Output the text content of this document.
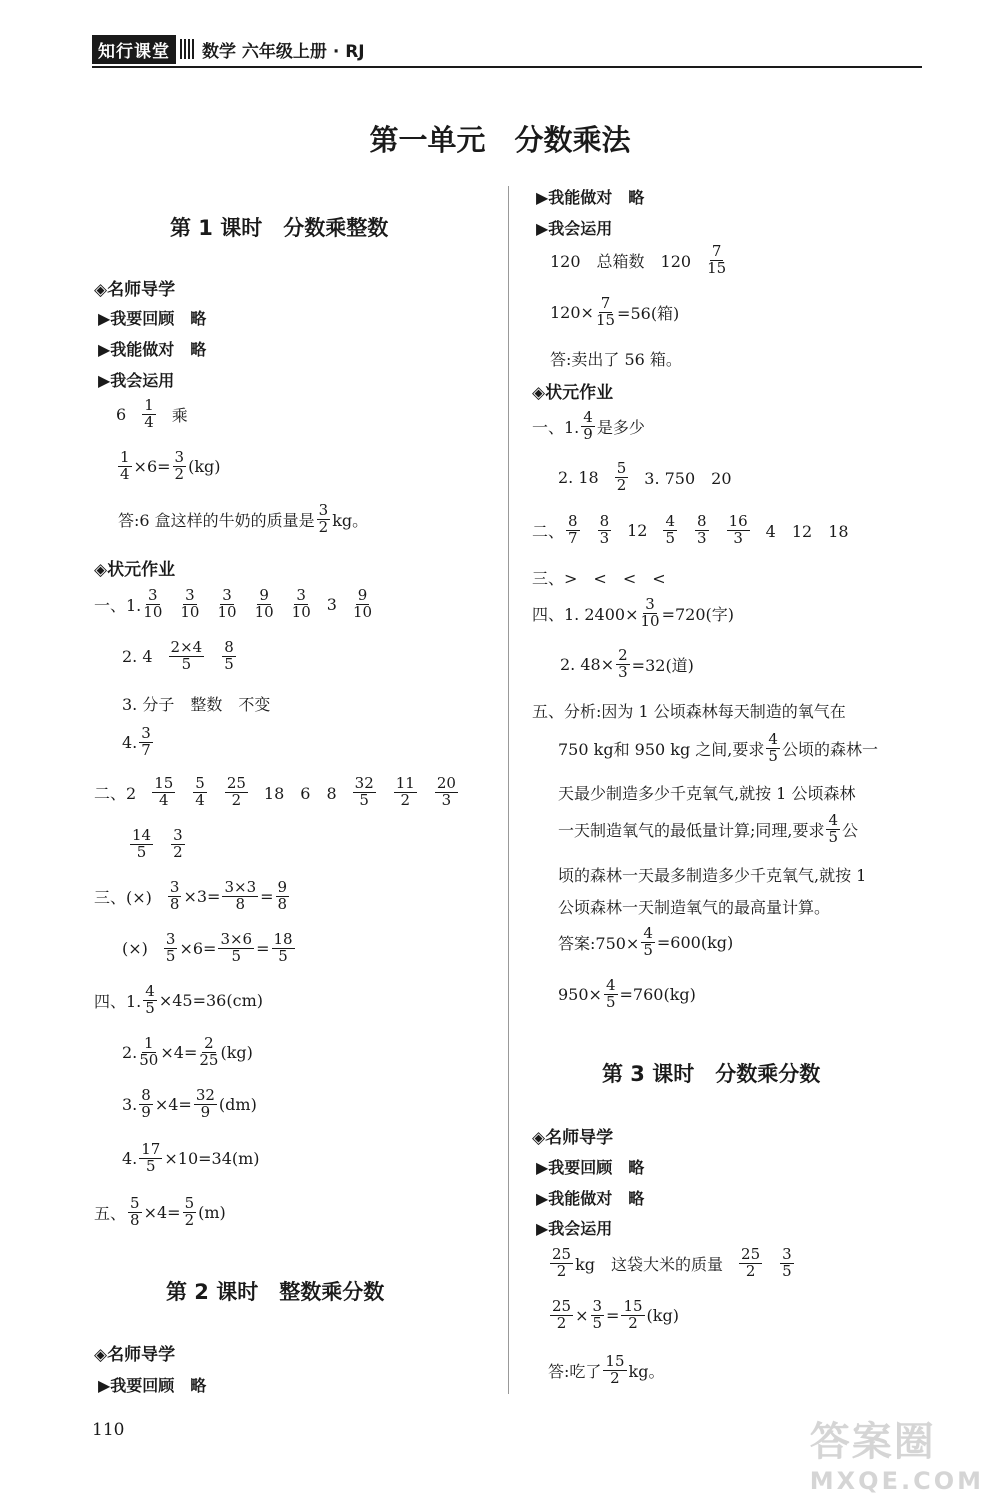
知行课堂	数学 六年级上册 · RJ
第一单元　分数乘法
第 1 课时　分数乘整数
◈名师导学
▶我要回顾　略
▶我能做对　略
▶我会运用
6 1
4 乘
$\frac{1}{4} \times 6= \frac{3}{2} (kg)$
答:6 盒这样的牛奶的质量是
3
2 kg。
◈状元作业
一、1.
3
10
3
10
3
10
9
10
3
10 3 9
10
2. 4 2×4
5
8
5
3. 分子　整数　不变
4. 3
7
二、2
15
4
5
4
25
2 18　6　8
32
5
11
2
20
3
14
5
3
2
三、(×) $\frac{3}{8} \times 3= \frac{3\times 3}{8} = \frac{9}{8}$
(×) $\frac{3}{5} \times 6= \frac{3\times 6}{5} = \frac{18}{5}$
四、1. $\frac{4}{5} \times 45=36(cm)$
2. $\frac{1}{50} \times 4= \frac{2}{25} (kg)$
3. $\frac{8}{9} \times 4= \frac{32}{9} (dm)$
4. $\frac{17}{5} \times 10=34(m)$
五、 $\frac{5}{8} \times 4= \frac{5}{2} (m)$
第 2 课时　整数乘分数
◈名师导学
▶我要回顾　略
▶我能做对　略
▶我会运用
120　总箱数　120
7
15
$120\times \frac{7}{15} =56$(箱)
答:卖出了 56 箱。
◈状元作业
一、1.
4
9 是多少
2. 18 5
2 3. 750　20
二、
8
7
8
3 12 4
5
8
3
16
3 4　12　18
三、>　<　<　<
四、1. $2400\times \frac{3}{10} =720$(字)
2. $48\times \frac{2}{3} =32$(道)
五、分析:因为 1 公顷森林每天制造的氧气在
750 kg和 950 kg 之间,要求
4
5 公顷的森林一
天最少制造多少千克氧气,就按 1 公顷森林
一天制造氧气的最低量计算;同理,要求
4
5 公
顷的森林一天最多制造多少千克氧气,就按 1
公顷森林一天制造氧气的最高量计算。
答案:750× $\frac{4}{5} =600(kg)$
$950\times \frac{4}{5} =760(kg)$
第 3 课时　分数乘分数
◈名师导学
▶我要回顾　略
▶我能做对　略
▶我会运用
25
2 kg　这袋大米的质量
25
2
3
5
$\frac{25}{2} \times \frac{3}{5} = \frac{15}{2} (kg)$
答:吃了
15
2 kg。
110	答案圈
MXQE.COM
